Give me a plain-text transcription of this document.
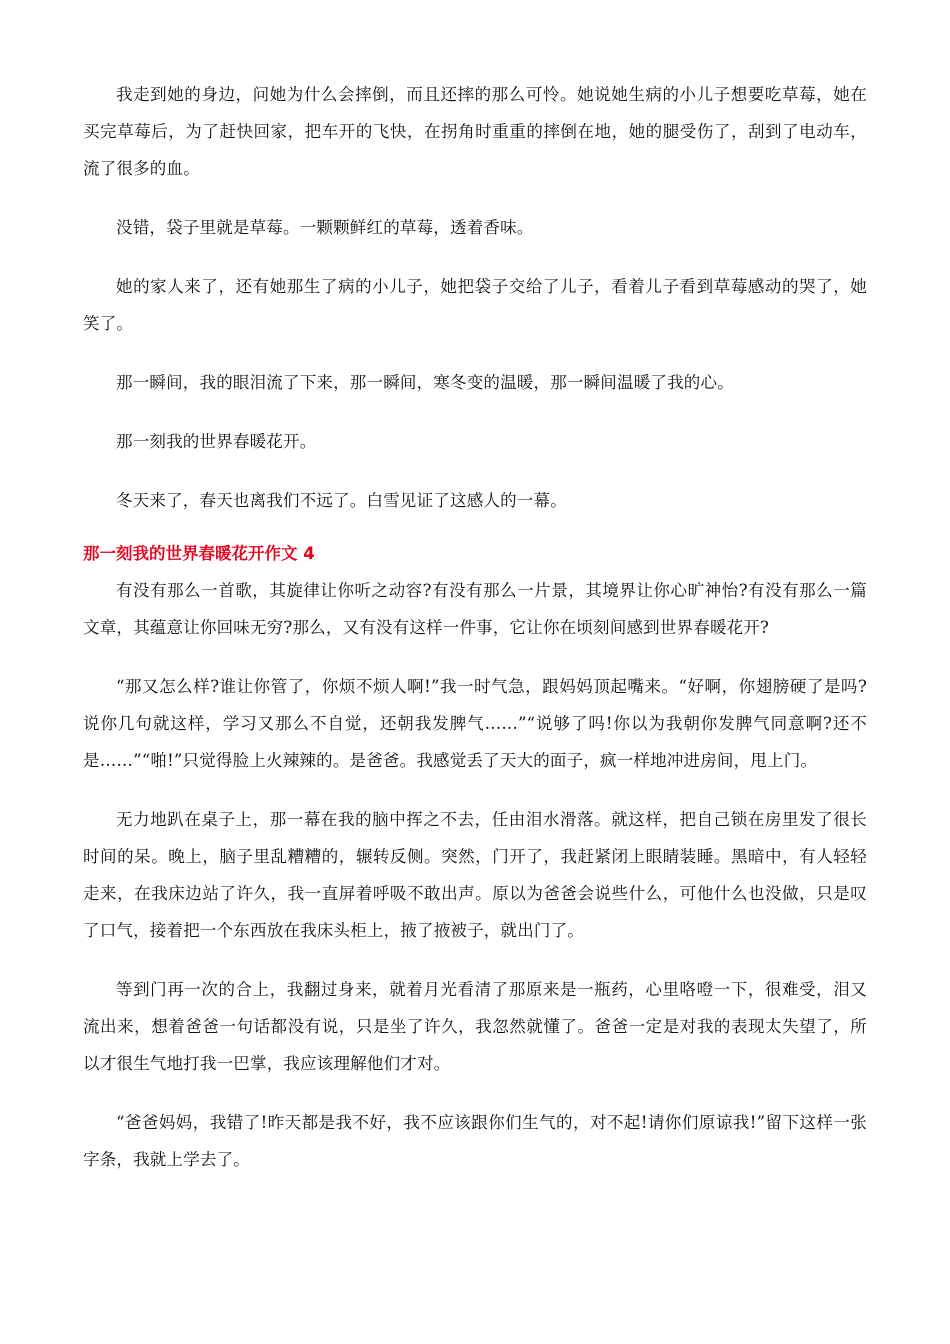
我走到她的身边，问她为什么会摔倒，而且还摔的那么可怜。她说她生病的小儿子想要吃草莓，她在买完草莓后，为了赶快回家，把车开的飞快，在拐角时重重的摔倒在地，她的腿受伤了，刮到了电动车，流了很多的血。

没错，袋子里就是草莓。一颗颗鲜红的草莓，透着香味。

她的家人来了，还有她那生了病的小儿子，她把袋子交给了儿子，看着儿子看到草莓感动的哭了，她笑了。

那一瞬间，我的眼泪流了下来，那一瞬间，寒冬变的温暖，那一瞬间温暖了我的心。

那一刻我的世界春暖花开。

冬天来了，春天也离我们不远了。白雪见证了这感人的一幕。

那一刻我的世界春暖花开作文 4

有没有那么一首歌，其旋律让你听之动容?有没有那么一片景，其境界让你心旷神怡?有没有那么一篇文章，其蕴意让你回味无穷?那么，又有没有这样一件事，它让你在顷刻间感到世界春暖花开?

“那又怎么样?谁让你管了，你烦不烦人啊!”我一时气急，跟妈妈顶起嘴来。“好啊，你翅膀硬了是吗?说你几句就这样，学习又那么不自觉，还朝我发脾气……”“说够了吗!你以为我朝你发脾气同意啊?还不是……”“啪!”只觉得脸上火辣辣的。是爸爸。我感觉丢了天大的面子，疯一样地冲进房间，甩上门。

无力地趴在桌子上，那一幕在我的脑中挥之不去，任由泪水滑落。就这样，把自己锁在房里发了很长时间的呆。晚上，脑子里乱糟糟的，辗转反侧。突然，门开了，我赶紧闭上眼睛装睡。黑暗中，有人轻轻走来，在我床边站了许久，我一直屏着呼吸不敢出声。原以为爸爸会说些什么，可他什么也没做，只是叹了口气，接着把一个东西放在我床头柜上，掖了掖被子，就出门了。

等到门再一次的合上，我翻过身来，就着月光看清了那原来是一瓶药，心里咯噔一下，很难受，泪又流出来，想着爸爸一句话都没有说，只是坐了许久，我忽然就懂了。爸爸一定是对我的表现太失望了，所以才很生气地打我一巴掌，我应该理解他们才对。

“爸爸妈妈，我错了!昨天都是我不好，我不应该跟你们生气的，对不起!请你们原谅我!”留下这样一张字条，我就上学去了。
